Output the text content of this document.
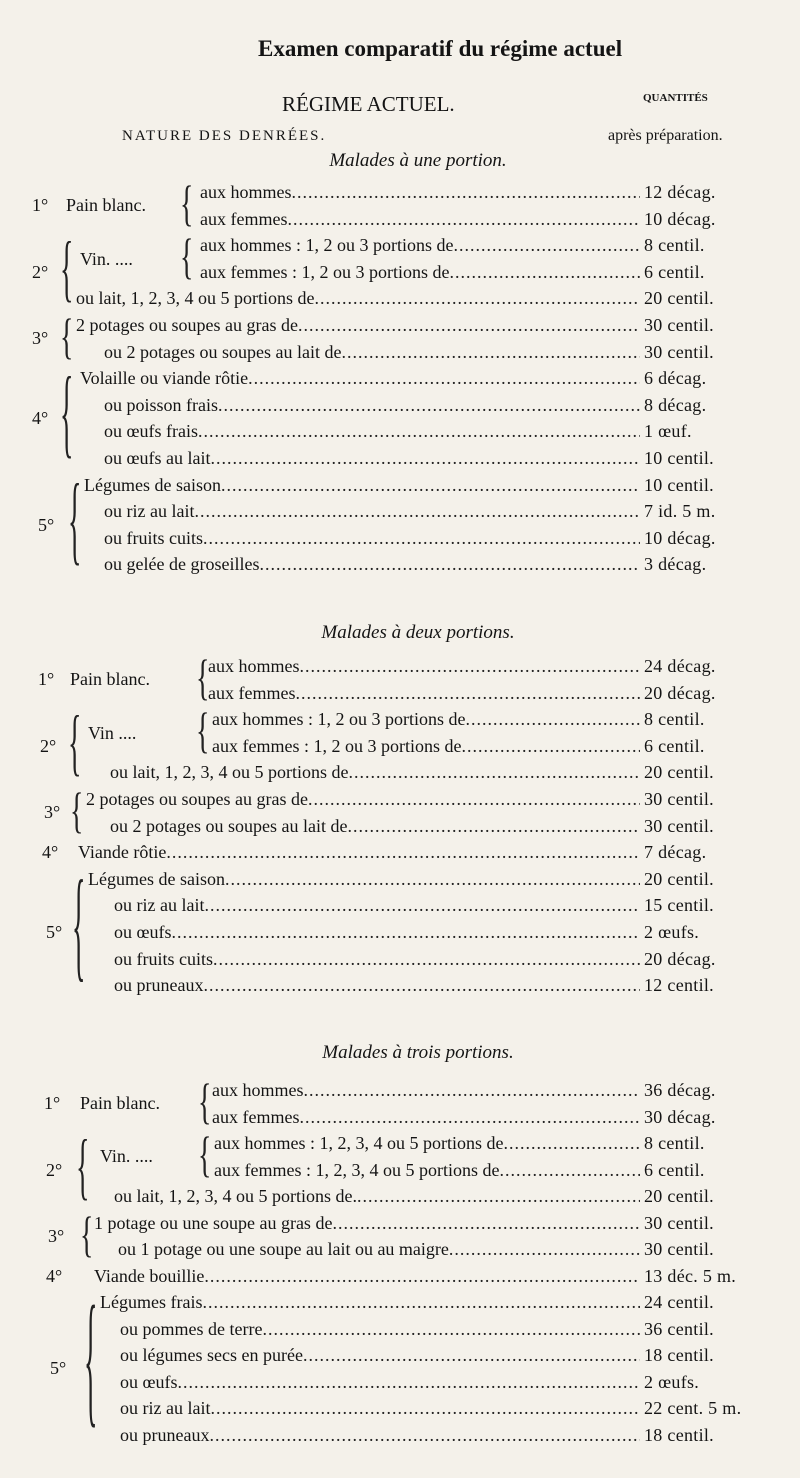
Examen comparatif du régime actuel
RÉGIME ACTUEL.	QUANTITÉS
NATURE DES DENRÉES.	après préparation.
Malades à une portion.
1° Pain blanc. { aux hommes .....	12 décag.
aux femmes .....	10 décag.
2° { Vin. .... { aux hommes : 1, 2 ou 3 portions de .....	8 centil.
aux femmes : 1, 2 ou 3 portions de .....	6 centil.
ou lait, 1, 2, 3, 4 ou 5 portions de .....	20 centil.
3° { 2 potages ou soupes au gras de .....	30 centil.
ou 2 potages ou soupes au lait de .....	30 centil.
4° { Volaille ou viande rôtie .....	6 décag.
ou poisson frais .....	8 décag.
ou œufs frais .....	1 œuf.
ou œufs au lait .....	10 centil.
5° { Légumes de saison .....	10 centil.
ou riz au lait .....	7 id. 5 m.
ou fruits cuits .....	10 décag.
ou gelée de groseilles .....	3 décag.
Malades à deux portions.
1° Pain blanc. {
aux hommes .....	24 décag.
aux femmes .....	20 décag.
2° { Vin .... { aux hommes : 1, 2 ou 3 portions de .....	8 centil.
aux femmes : 1, 2 ou 3 portions de .....	6 centil.
ou lait, 1, 2, 3, 4 ou 5 portions de .....	20 centil.
3° { 2 potages ou soupes au gras de .....	30 centil.
ou 2 potages ou soupes au lait de .....	30 centil.
4° Viande rôtie .....	7 décag.
5° { Légumes de saison .....	20 centil.
ou riz au lait .....	15 centil.
ou œufs .....	2 œufs.
ou fruits cuits .....	20 décag.
ou pruneaux .....	12 centil.
Malades à trois portions.
1° Pain blanc. { aux hommes .....	36 décag.
aux femmes .....	30 décag.
2° { Vin. .... { aux hommes : 1, 2, 3, 4 ou 5 portions de .....	8 centil.
aux femmes : 1, 2, 3, 4 ou 5 portions de .....	6 centil.
ou lait, 1, 2, 3, 4 ou 5 portions de. .....	20 centil.
3° { 1 potage ou une soupe au gras de .....	30 centil.
ou 1 potage ou une soupe au lait ou au maigre .....	30 centil.
4° Viande bouillie .....	13 déc. 5 m.
5° { Légumes frais .....	24 centil.
ou pommes de terre .....	36 centil.
ou légumes secs en purée .....	18 centil.
ou œufs .....	2 œufs.
ou riz au lait .....	22 cent. 5 m.
ou pruneaux .....	18 centil.
